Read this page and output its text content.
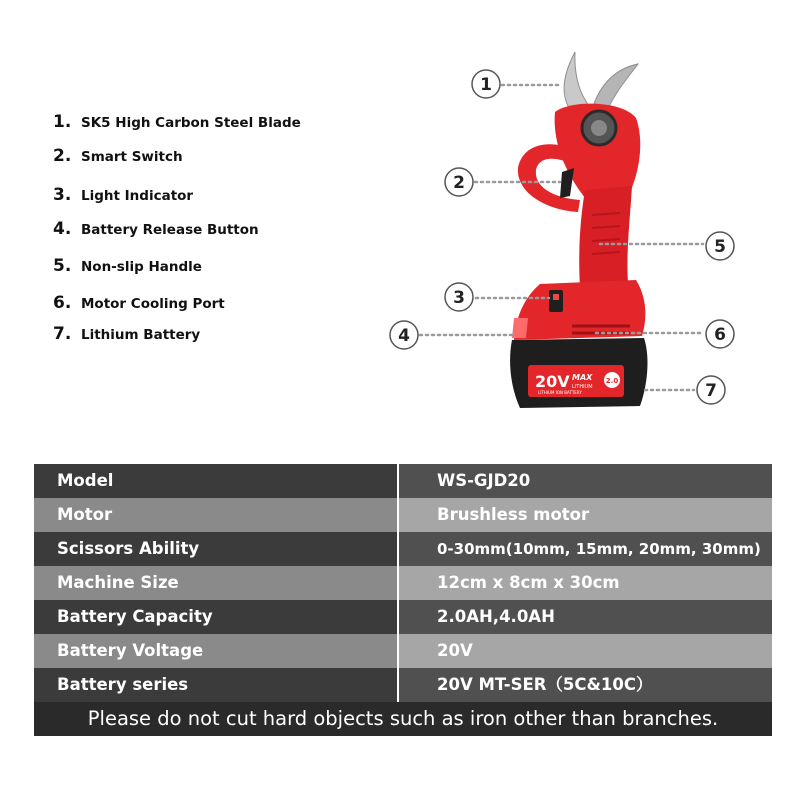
1. SK5 High Carbon Steel Blade
2. Smart Switch
3. Light Indicator
4. Battery Release Button
5. Non-slip Handle
6. Motor Cooling Port
7. Lithium Battery
20V MAX
LITHIUM
LITHIUM ION BATTERY
2.0
1
2
3
4
5
6
7
Model	WS-GJD20
Motor	Brushless motor
Scissors Ability	0-30mm(10mm, 15mm, 20mm, 30mm)
Machine Size	12cm x 8cm x 30cm
Battery Capacity	2.0AH,4.0AH
Battery Voltage	20V
Battery series	20V MT-SER（5C&10C）
Please do not cut hard objects such as iron other than branches.
